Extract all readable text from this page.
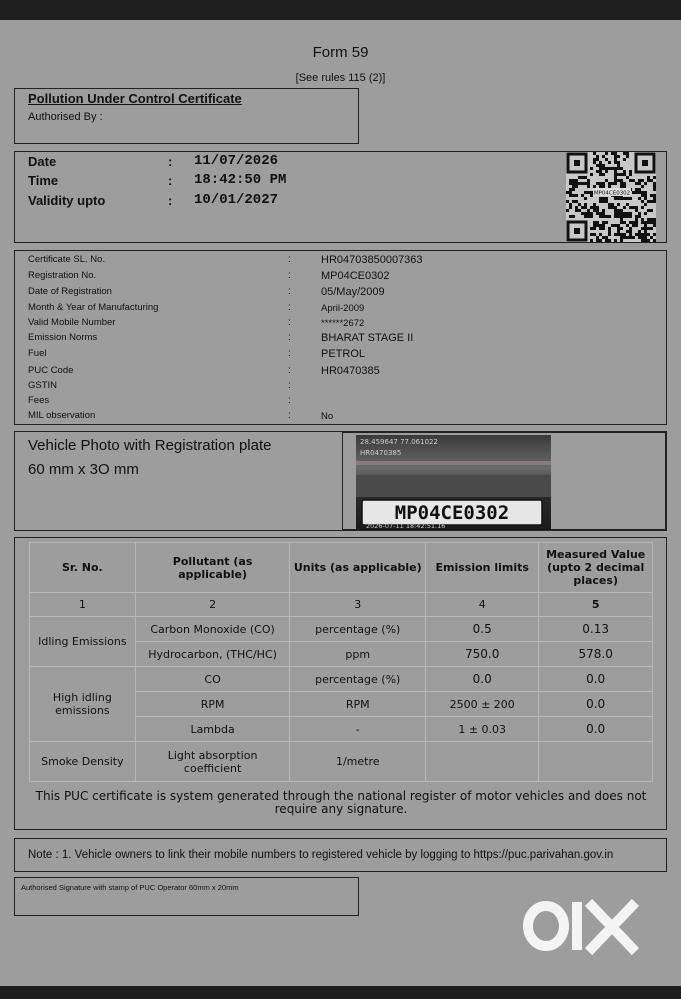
Form 59
[See rules 115 (2)]
Pollution Under Control Certificate
Authorised By :
Date	: 11/07/2026
Time	: 18:42:50 PM
Validity upto	: 10/01/2027	MP04CE0302
Certificate SL. No.	:	HR04703850007363
Registration No.	:	MP04CE0302
Date of Registration	:	05/May/2009
Month & Year of Manufacturing	:	April-2009
Valid Mobile Number	:	******2672
Emission Norms	:	BHARAT STAGE II
Fuel	:	PETROL
PUC Code	:	HR0470385
GSTIN	:
Fees	:
MIL observation	:	No
Vehicle Photo with Registration plate
60 mm x 3O mm
28.459647 77.061022
HR0470385
MP04CE0302
2026-07-11 18:42:51.16
Sr. No.	Pollutant (as applicable)	Units (as applicable)	Emission limits	Measured Value (upto 2 decimal places)
1	2	3	4	5
Idling Emissions	Carbon Monoxide (CO)	percentage (%)	0.5	0.13
	Hydrocarbon, (THC/HC)	ppm	750.0	578.0
High idling emissions	CO	percentage (%)	0.0	0.0
	RPM	RPM	2500 ± 200	0.0
	Lambda	-	1 ± 0.03	0.0
Smoke Density	Light absorption coefficient	1/metre		
This PUC certificate is system generated through the national register of motor vehicles and does not require any signature.
Note : 1. Vehicle owners to link their mobile numbers to registered vehicle by logging to https://puc.parivahan.gov.in
Authorised Signature with stamp of PUC Operator 60mm x 20mm
